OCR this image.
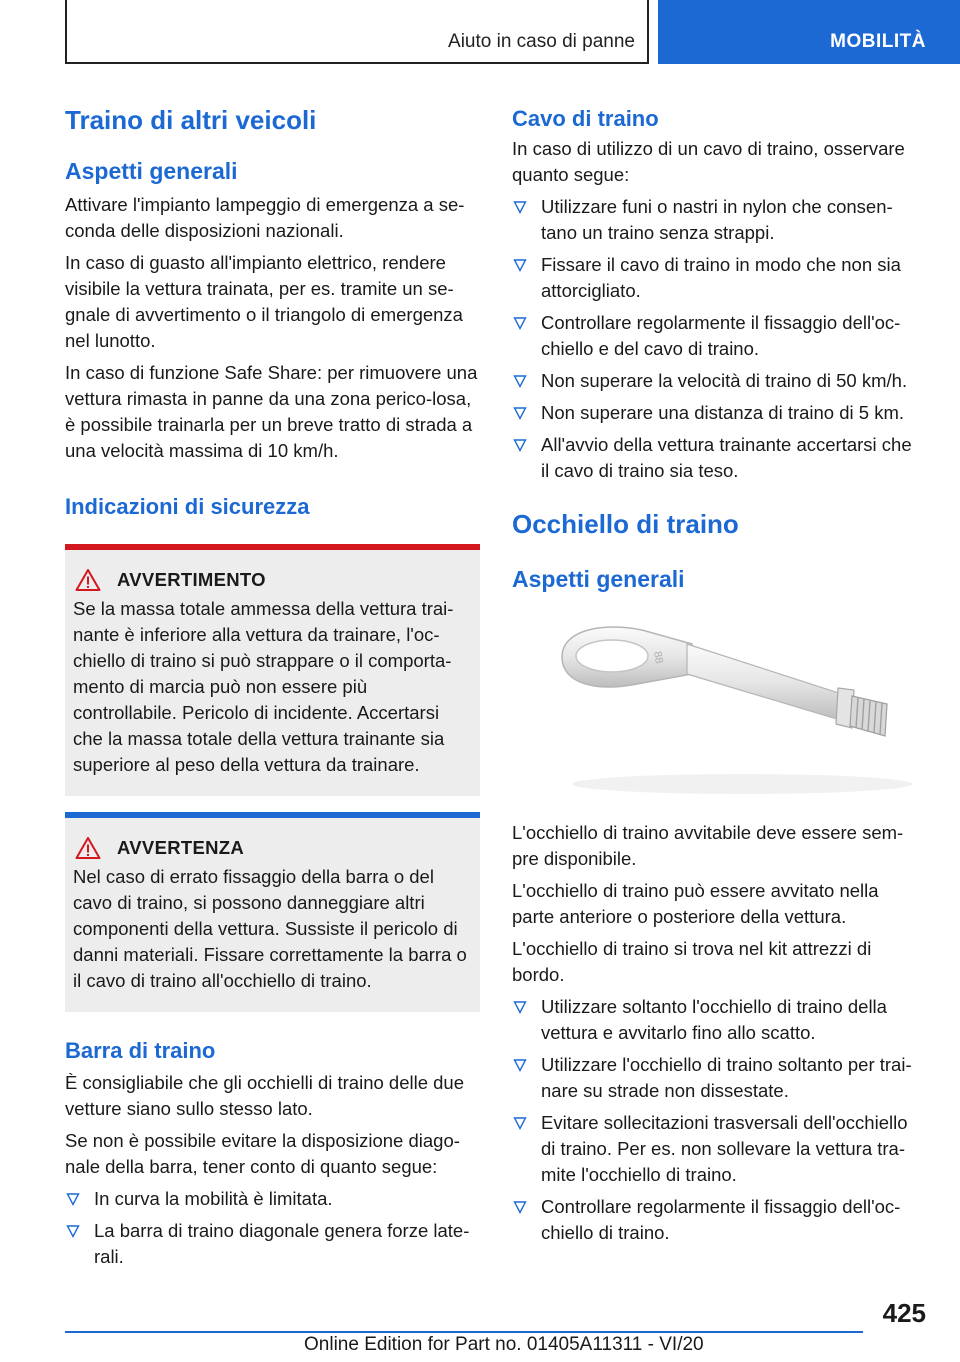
Aiuto in caso di panne	MOBILITÀ
Traino di altri veicoli
Aspetti generali

Attivare l'impianto lampeggio di emergenza a se-conda delle disposizioni nazionali.

In caso di guasto all'impianto elettrico, rendere visibile la vettura trainata, per es. tramite un se-gnale di avvertimento o il triangolo di emergenza nel lunotto.

In caso di funzione Safe Share: per rimuovere una vettura rimasta in panne da una zona perico-losa, è possibile trainarla per un breve tratto di strada a una velocità massima di 10 km/h.

Indicazioni di sicurezza
AVVERTIMENTO

Se la massa totale ammessa della vettura trai-nante è inferiore alla vettura da trainare, l'oc-chiello di traino si può strappare o il comporta-mento di marcia può non essere più controllabile. Pericolo di incidente. Accertarsi che la massa totale della vettura trainante sia superiore al peso della vettura da trainare.

AVVERTENZA

Nel caso di errato fissaggio della barra o del cavo di traino, si possono danneggiare altri componenti della vettura. Sussiste il pericolo di danni materiali. Fissare correttamente la barra o il cavo di traino all'occhiello di traino.

Barra di traino

È consigliabile che gli occhielli di traino delle due vetture siano sullo stesso lato.

Se non è possibile evitare la disposizione diago-nale della barra, tener conto di quanto segue:

In curva la mobilità è limitata.
La barra di traino diagonale genera forze late-rali.
Cavo di traino

In caso di utilizzo di un cavo di traino, osservare quanto segue:

Utilizzare funi o nastri in nylon che consen-tano un traino senza strappi.
Fissare il cavo di traino in modo che non sia attorcigliato.
Controllare regolarmente il fissaggio dell'oc-chiello e del cavo di traino.
Non superare la velocità di traino di 50 km/h.
Non superare una distanza di traino di 5 km.
All'avvio della vettura trainante accertarsi che il cavo di traino sia teso.
Occhiello di traino
Aspetti generali
88

L'occhiello di traino avvitabile deve essere sem-pre disponibile.

L'occhiello di traino può essere avvitato nella parte anteriore o posteriore della vettura.

L'occhiello di traino si trova nel kit attrezzi di bordo.

Utilizzare soltanto l'occhiello di traino della vettura e avvitarlo fino allo scatto.
Utilizzare l'occhiello di traino soltanto per trai-nare su strade non dissestate.
Evitare sollecitazioni trasversali dell'occhiello di traino. Per es. non sollevare la vettura tra-mite l'occhiello di traino.
Controllare regolarmente il fissaggio dell'oc-chiello di traino.
425
Online Edition for Part no. 01405A11311 - VI/20
